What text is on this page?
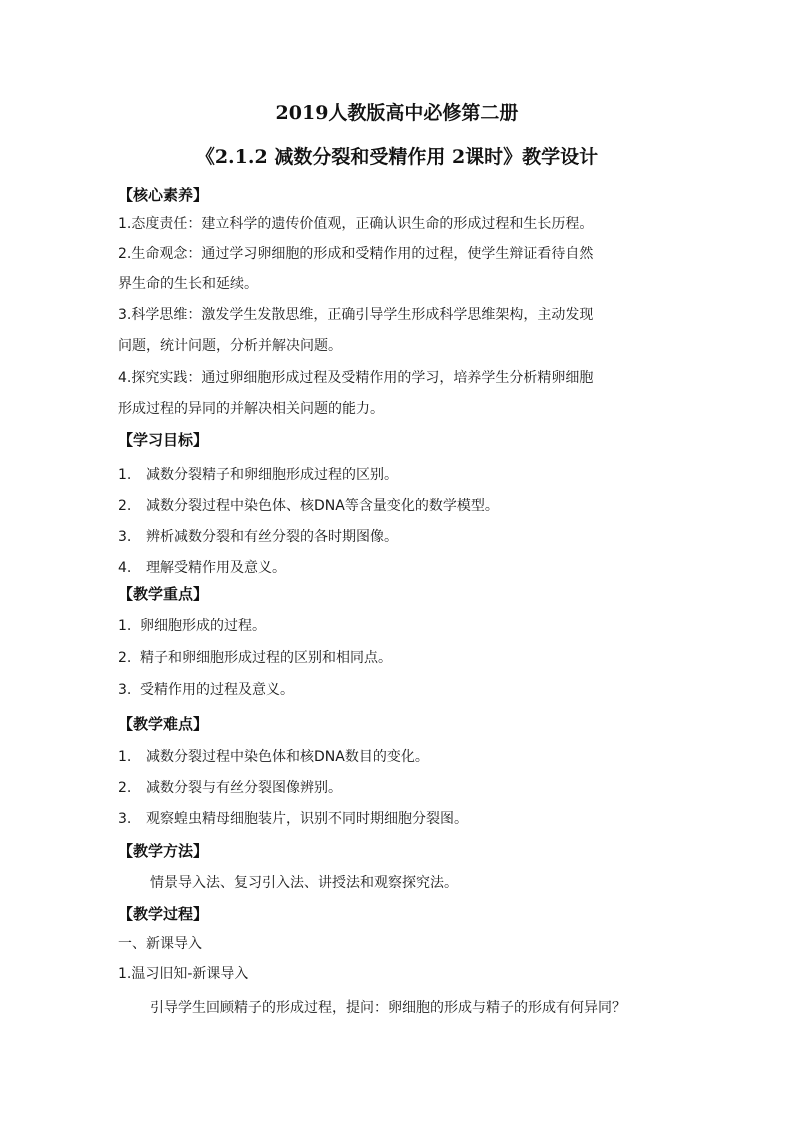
2019人教版高中必修第二册
《2.1.2 减数分裂和受精作用 2课时》教学设计
【核心素养】
1.态度责任：建立科学的遗传价值观，正确认识生命的形成过程和生长历程。
2.生命观念：通过学习卵细胞的形成和受精作用的过程，使学生辩证看待自然
界生命的生长和延续。
3.科学思维：激发学生发散思维，正确引导学生形成科学思维架构，主动发现
问题，统计问题，分析并解决问题。
4.探究实践：通过卵细胞形成过程及受精作用的学习，培养学生分析精卵细胞
形成过程的异同的并解决相关问题的能力。
【学习目标】
1. 减数分裂精子和卵细胞形成过程的区别。
2. 减数分裂过程中染色体、核DNA等含量变化的数学模型。
3. 辨析减数分裂和有丝分裂的各时期图像。
4. 理解受精作用及意义。
【教学重点】
1. 卵细胞形成的过程。
2. 精子和卵细胞形成过程的区别和相同点。
3. 受精作用的过程及意义。
【教学难点】
1. 减数分裂过程中染色体和核DNA数目的变化。
2. 减数分裂与有丝分裂图像辨别。
3. 观察蝗虫精母细胞装片，识别不同时期细胞分裂图。
【教学方法】
情景导入法、复习引入法、讲授法和观察探究法。
【教学过程】
一、新课导入
1.温习旧知-新课导入
引导学生回顾精子的形成过程，提问：卵细胞的形成与精子的形成有何异同？
